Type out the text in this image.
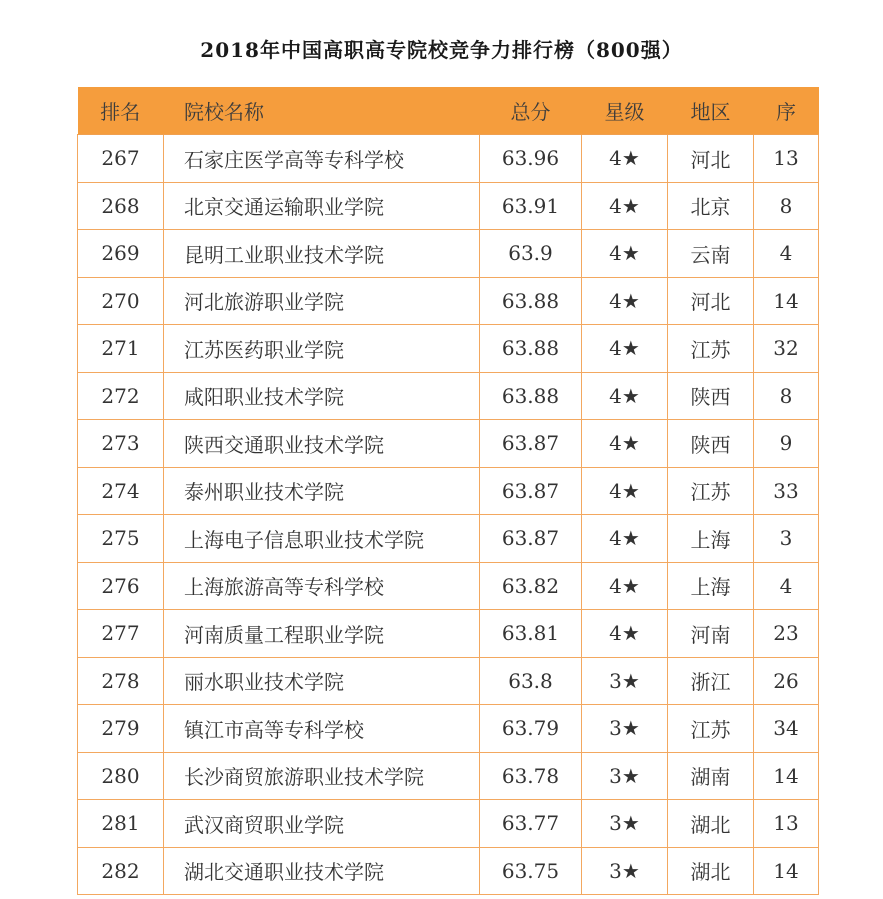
2018年中国高职高专院校竞争力排行榜（800强）
排名	院校名称	总分	星级	地区	序
267	石家庄医学高等专科学校	63.96	4★	河北	13
268	北京交通运输职业学院	63.91	4★	北京	8
269	昆明工业职业技术学院	63.9	4★	云南	4
270	河北旅游职业学院	63.88	4★	河北	14
271	江苏医药职业学院	63.88	4★	江苏	32
272	咸阳职业技术学院	63.88	4★	陕西	8
273	陕西交通职业技术学院	63.87	4★	陕西	9
274	泰州职业技术学院	63.87	4★	江苏	33
275	上海电子信息职业技术学院	63.87	4★	上海	3
276	上海旅游高等专科学校	63.82	4★	上海	4
277	河南质量工程职业学院	63.81	4★	河南	23
278	丽水职业技术学院	63.8	3★	浙江	26
279	镇江市高等专科学校	63.79	3★	江苏	34
280	长沙商贸旅游职业技术学院	63.78	3★	湖南	14
281	武汉商贸职业学院	63.77	3★	湖北	13
282	湖北交通职业技术学院	63.75	3★	湖北	14
